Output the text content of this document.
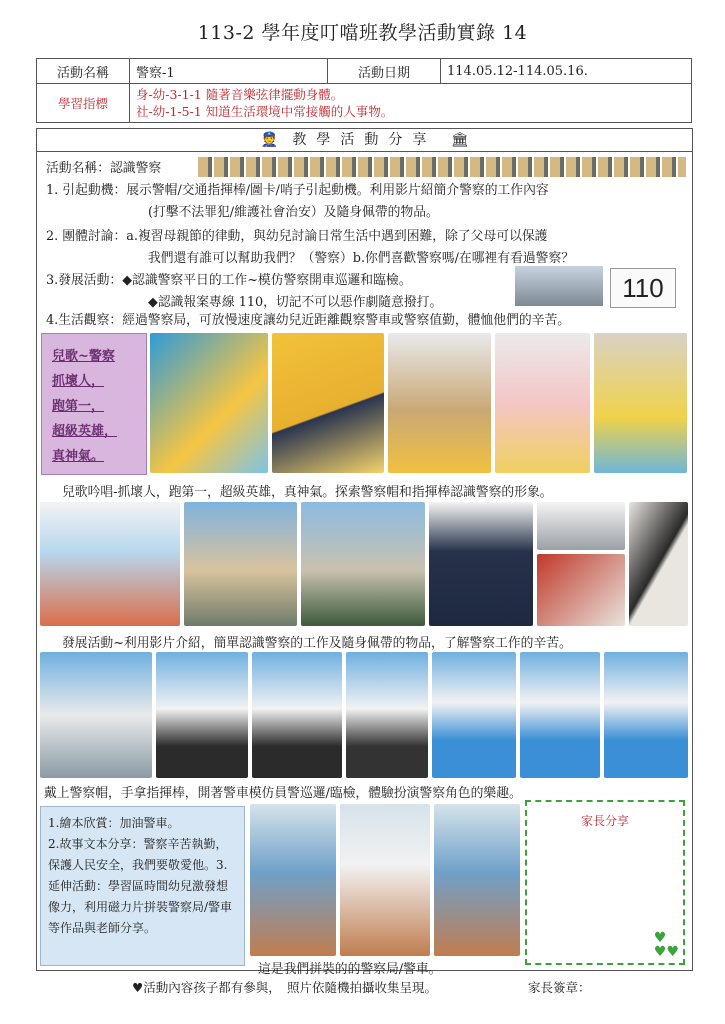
113-2 學年度叮噹班教學活動實錄 14
活動名稱	警察-1	活動日期	114.05.12-114.05.16.
學習指標	身-幼-3-1-1 隨著音樂弦律擺動身體。
社-幼-1-5-1 知道生活環境中常接觸的人事物。		
👮 教學活動分享 🏛
活動名稱：認識警察
1. 引起動機：展示警帽/交通指揮棒/圖卡/哨子引起動機。利用影片紹簡介警察的工作內容
(打擊不法罪犯/維護社會治安）及隨身佩帶的物品。
2. 團體討論：a.複習母親節的律動，與幼兒討論日常生活中遇到困難，除了父母可以保護
我們還有誰可以幫助我們？（警察）b.你們喜歡警察嗎/在哪裡有看過警察？
3.發展活動：◆認識警察平日的工作~模仿警察開車巡邏和臨檢。
◆認識報案專線 110，切記不可以惡作劇隨意撥打。	110
4.生活觀察：經過警察局，可放慢速度讓幼兒近距離觀察警車或警察值勤，體恤他們的辛苦。
兒歌~警察
抓壞人，
跑第一，
超級英雄，
真神氣。
兒歌吟唱-抓壞人，跑第一，超級英雄，真神氣。探索警察帽和指揮棒認識警察的形象。
發展活動~利用影片介紹，簡單認識警察的工作及隨身佩帶的物品，了解警察工作的辛苦。
戴上警察帽，手拿指揮棒，開著警車模仿員警巡邏/臨檢，體驗扮演警察角色的樂趣。
1.繪本欣賞：加油警車。
2.故事文本分享：警察辛苦執勤，保護人民安全，我們要敬愛他。3.延伸活動：學習區時間幼兒激發想像力，利用磁力片拼裝警察局/警車等作品與老師分享。
家長分享
♥
♥♥
這是我們拼裝的的警察局/警車。
♥活動內容孩子都有參與，　照片依隨機拍攝收集呈現。	家長簽章：
